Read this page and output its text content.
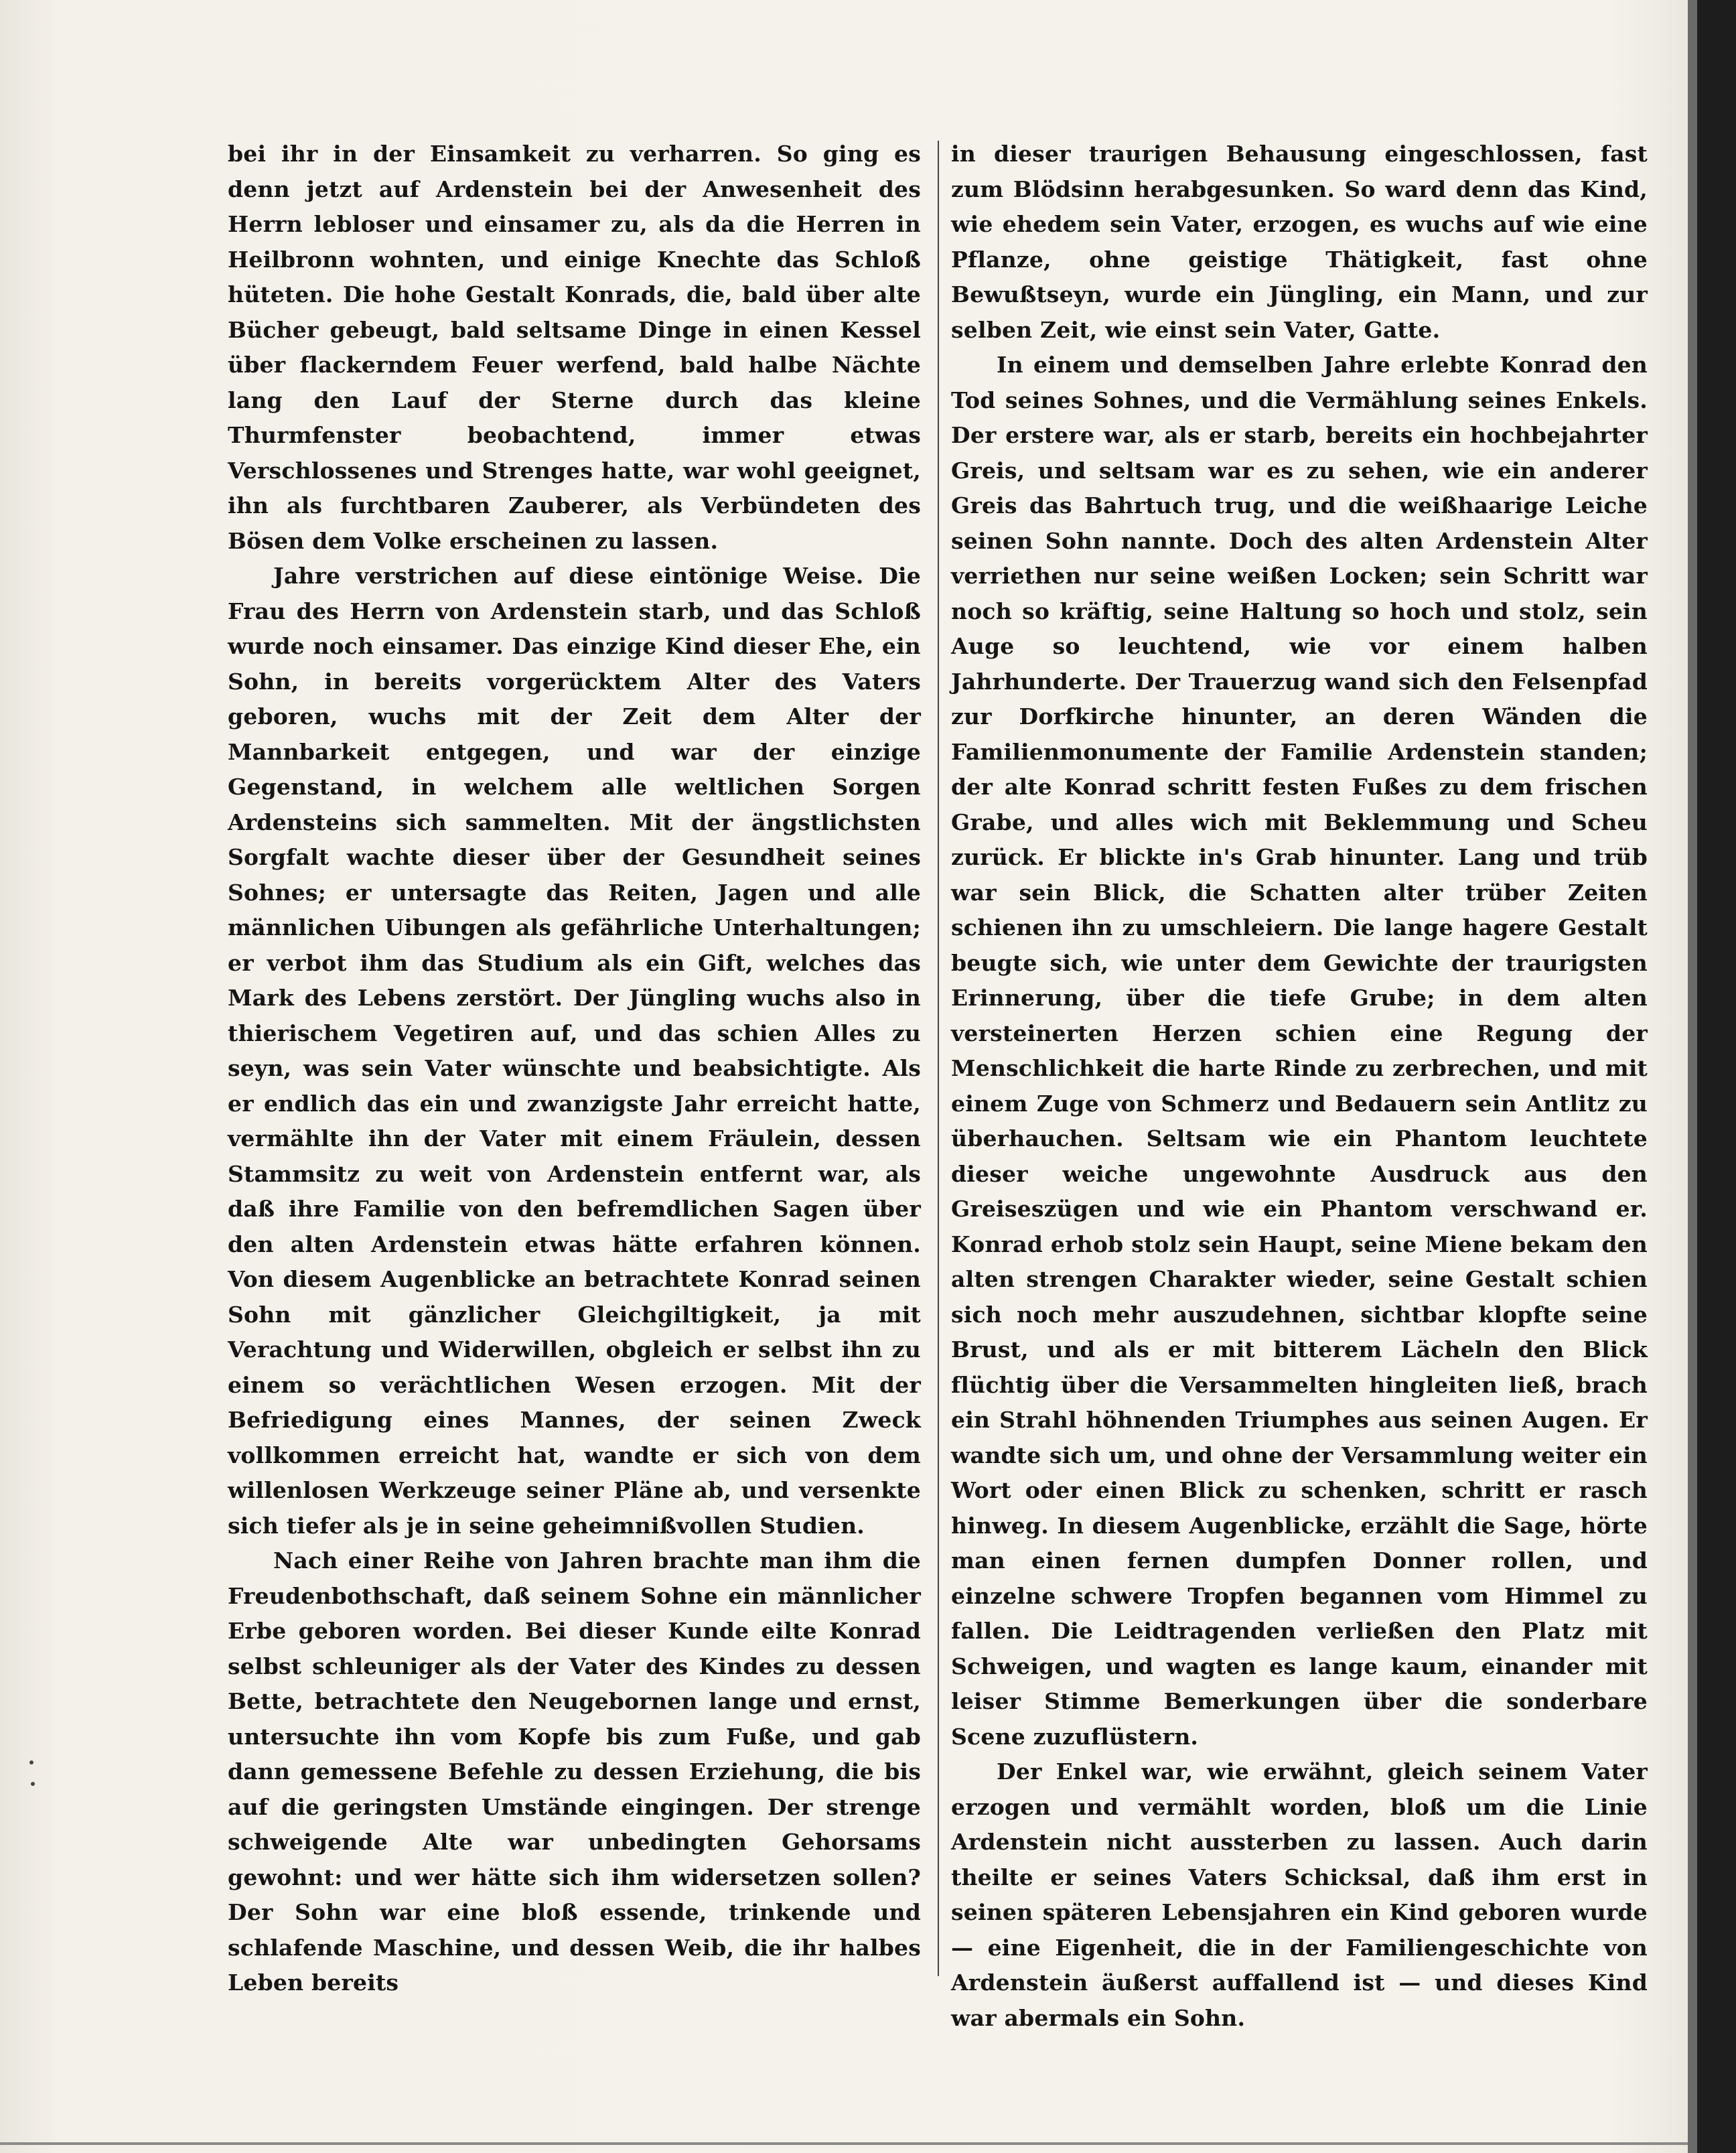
bei ihr in der Einsamkeit zu verharren. So ging es denn jetzt auf Ardenstein bei der Anwesenheit des Herrn lebloser und einsamer zu, als da die Herren in Heilbronn wohnten, und einige Knechte das Schloß hüteten. Die hohe Gestalt Konrads, die, bald über alte Bücher gebeugt, bald seltsame Dinge in einen Kessel über flackerndem Feuer werfend, bald halbe Nächte lang den Lauf der Sterne durch das kleine Thurmfenster beobachtend, immer etwas Verschlossenes und Strenges hatte, war wohl geeignet, ihn als furchtbaren Zauberer, als Verbündeten des Bösen dem Volke erscheinen zu lassen.

Jahre verstrichen auf diese eintönige Weise. Die Frau des Herrn von Ardenstein starb, und das Schloß wurde noch einsamer. Das einzige Kind dieser Ehe, ein Sohn, in bereits vorgerücktem Alter des Vaters geboren, wuchs mit der Zeit dem Alter der Mannbarkeit entgegen, und war der einzige Gegenstand, in welchem alle weltlichen Sorgen Ardensteins sich sammelten. Mit der ängstlichsten Sorgfalt wachte dieser über der Gesundheit seines Sohnes; er untersagte das Reiten, Jagen und alle männlichen Uibungen als gefährliche Unterhaltungen; er verbot ihm das Studium als ein Gift, welches das Mark des Lebens zerstört. Der Jüngling wuchs also in thierischem Vegetiren auf, und das schien Alles zu seyn, was sein Vater wünschte und beabsichtigte. Als er endlich das ein und zwanzigste Jahr erreicht hatte, vermählte ihn der Vater mit einem Fräulein, dessen Stammsitz zu weit von Ardenstein entfernt war, als daß ihre Familie von den befremdlichen Sagen über den alten Ardenstein etwas hätte erfahren können. Von diesem Augenblicke an betrachtete Konrad seinen Sohn mit gänzlicher Gleichgiltigkeit, ja mit Verachtung und Widerwillen, obgleich er selbst ihn zu einem so verächtlichen Wesen erzogen. Mit der Befriedigung eines Mannes, der seinen Zweck vollkommen erreicht hat, wandte er sich von dem willenlosen Werkzeuge seiner Pläne ab, und versenkte sich tiefer als je in seine geheimnißvollen Studien.

Nach einer Reihe von Jahren brachte man ihm die Freudenbothschaft, daß seinem Sohne ein männlicher Erbe geboren worden. Bei dieser Kunde eilte Konrad selbst schleuniger als der Vater des Kindes zu dessen Bette, betrachtete den Neugebornen lange und ernst, untersuchte ihn vom Kopfe bis zum Fuße, und gab dann gemessene Befehle zu dessen Erziehung, die bis auf die geringsten Umstände eingingen. Der strenge schweigende Alte war unbedingten Gehorsams gewohnt: und wer hätte sich ihm widersetzen sollen? Der Sohn war eine bloß essende, trinkende und schlafende Maschine, und dessen Weib, die ihr halbes Leben bereits

in dieser traurigen Behausung eingeschlossen, fast zum Blödsinn herabgesunken. So ward denn das Kind, wie ehedem sein Vater, erzogen, es wuchs auf wie eine Pflanze, ohne geistige Thätigkeit, fast ohne Bewußtseyn, wurde ein Jüngling, ein Mann, und zur selben Zeit, wie einst sein Vater, Gatte.

In einem und demselben Jahre erlebte Konrad den Tod seines Sohnes, und die Vermählung seines Enkels. Der erstere war, als er starb, bereits ein hochbejahrter Greis, und seltsam war es zu sehen, wie ein anderer Greis das Bahrtuch trug, und die weißhaarige Leiche seinen Sohn nannte. Doch des alten Ardenstein Alter verriethen nur seine weißen Locken; sein Schritt war noch so kräftig, seine Haltung so hoch und stolz, sein Auge so leuchtend, wie vor einem halben Jahrhunderte. Der Trauerzug wand sich den Felsenpfad zur Dorfkirche hinunter, an deren Wänden die Familienmonumente der Familie Ardenstein standen; der alte Konrad schritt festen Fußes zu dem frischen Grabe, und alles wich mit Beklemmung und Scheu zurück. Er blickte in's Grab hinunter. Lang und trüb war sein Blick, die Schatten alter trüber Zeiten schienen ihn zu umschleiern. Die lange hagere Gestalt beugte sich, wie unter dem Gewichte der traurigsten Erinnerung, über die tiefe Grube; in dem alten versteinerten Herzen schien eine Regung der Menschlichkeit die harte Rinde zu zerbrechen, und mit einem Zuge von Schmerz und Bedauern sein Antlitz zu überhauchen. Seltsam wie ein Phantom leuchtete dieser weiche ungewohnte Ausdruck aus den Greiseszügen und wie ein Phantom verschwand er. Konrad erhob stolz sein Haupt, seine Miene bekam den alten strengen Charakter wieder, seine Gestalt schien sich noch mehr auszudehnen, sichtbar klopfte seine Brust, und als er mit bitterem Lächeln den Blick flüchtig über die Versammelten hingleiten ließ, brach ein Strahl höhnenden Triumphes aus seinen Augen. Er wandte sich um, und ohne der Versammlung weiter ein Wort oder einen Blick zu schenken, schritt er rasch hinweg. In diesem Augenblicke, erzählt die Sage, hörte man einen fernen dumpfen Donner rollen, und einzelne schwere Tropfen begannen vom Himmel zu fallen. Die Leidtragenden verließen den Platz mit Schweigen, und wagten es lange kaum, einander mit leiser Stimme Bemerkungen über die sonderbare Scene zuzuflüstern.

Der Enkel war, wie erwähnt, gleich seinem Vater erzogen und vermählt worden, bloß um die Linie Ardenstein nicht aussterben zu lassen. Auch darin theilte er seines Vaters Schicksal, daß ihm erst in seinen späteren Lebensjahren ein Kind geboren wurde — eine Eigenheit, die in der Familiengeschichte von Ardenstein äußerst auffallend ist — und dieses Kind war abermals ein Sohn.
